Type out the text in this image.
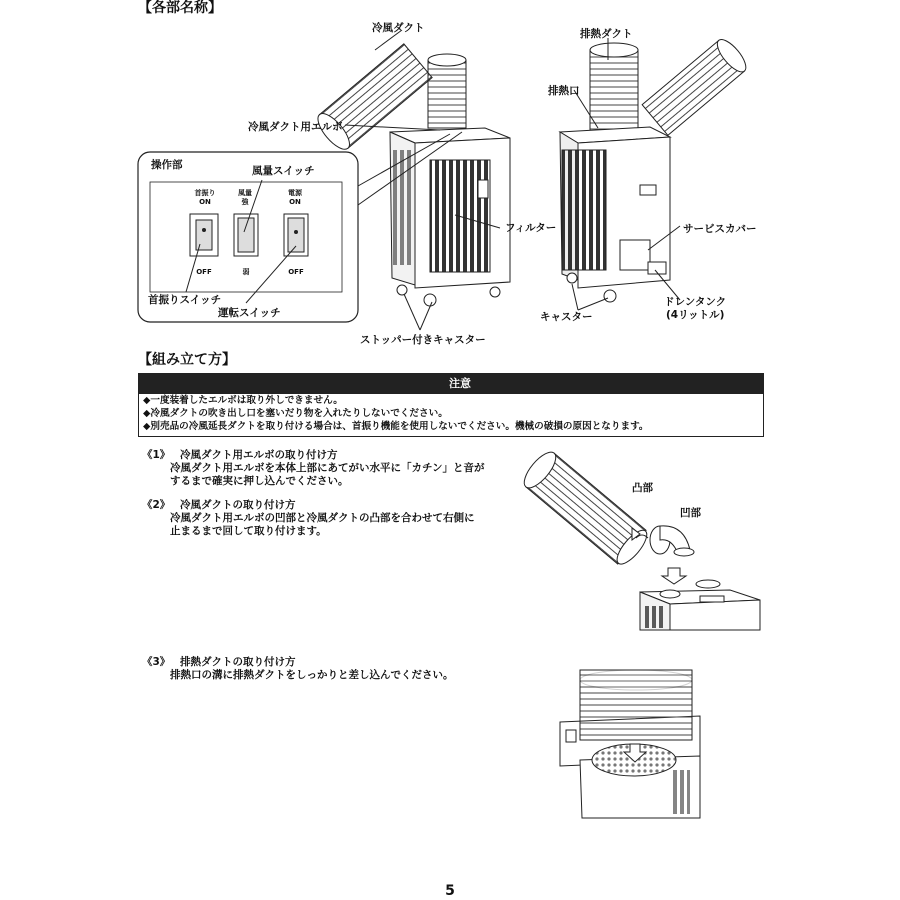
【各部名称】
冷風ダクト
冷風ダクト用エルボ
フィルター
ストッパー付きキャスター
排熱ダクト
排熱口
サービスカバー
ドレンタンク
(4リットル)
キャスター
操作部	風量スイッチ
首振り
ON
風量
強
電源
ON
OFF	弱	OFF
首振りスイッチ
運転スイッチ
【組み立て方】
注意
◆一度装着したエルボは取り外しできません。
◆冷風ダクトの吹き出し口を塞いだり物を入れたりしないでください。
◆別売品の冷風延長ダクトを取り付ける場合は、首振り機能を使用しないでください。機械の破損の原因となります。
《1》 冷風ダクト用エルボの取り付け方
冷風ダクト用エルボを本体上部にあてがい水平に「カチン」と音が
するまで確実に押し込んでください。
《2》 冷風ダクトの取り付け方
冷風ダクト用エルボの凹部と冷風ダクトの凸部を合わせて右側に
止まるまで回して取り付けます。
《3》 排熱ダクトの取り付け方
排熱口の溝に排熱ダクトをしっかりと差し込んでください。
凸部
凹部
5
